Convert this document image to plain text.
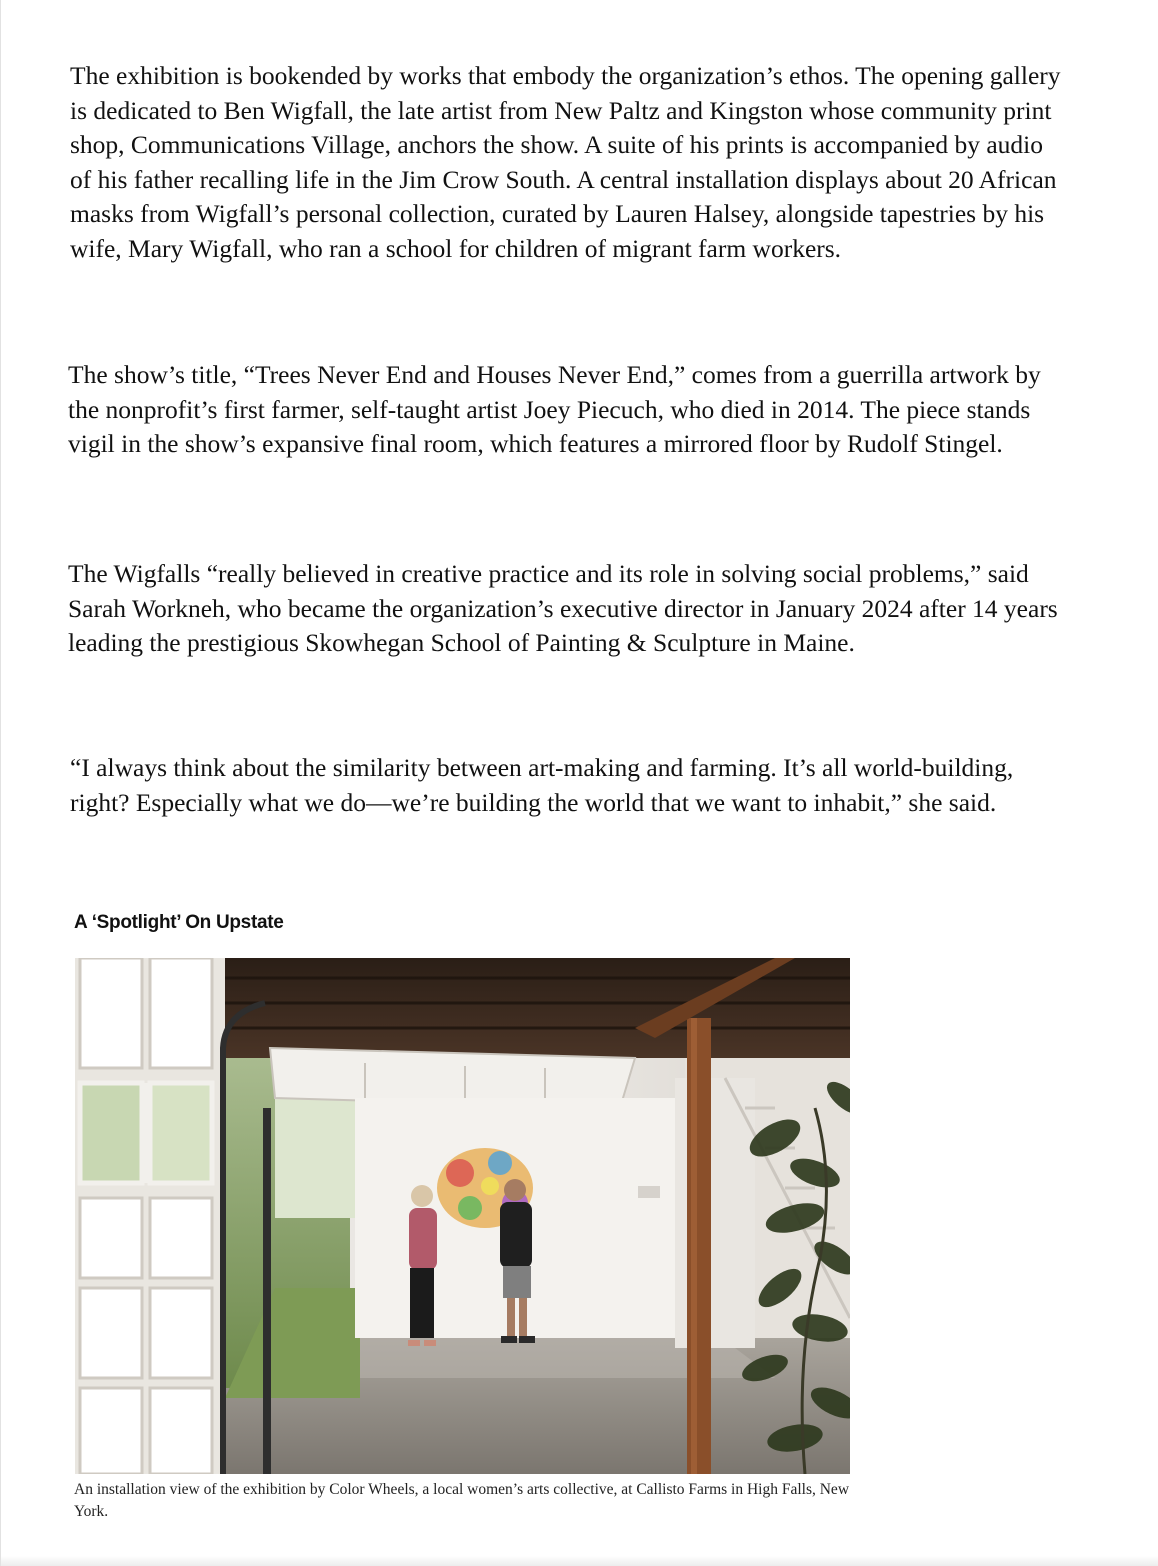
The exhibition is bookended by works that embody the organization’s ethos. The opening gallery is dedicated to Ben Wigfall, the late artist from New Paltz and Kingston whose community print shop, Communications Village, anchors the show. A suite of his prints is accompanied by audio of his father recalling life in the Jim Crow South. A central installation displays about 20 African masks from Wigfall’s personal collection, curated by Lauren Halsey, alongside tapestries by his wife, Mary Wigfall, who ran a school for children of migrant farm workers.

The show’s title, “Trees Never End and Houses Never End,” comes from a guerrilla artwork by the nonprofit’s first farmer, self-taught artist Joey Piecuch, who died in 2014. The piece stands vigil in the show’s expansive final room, which features a mirrored floor by Rudolf Stingel.

The Wigfalls “really believed in creative practice and its role in solving social problems,” said Sarah Workneh, who became the organization’s executive director in January 2024 after 14 years leading the prestigious Skowhegan School of Painting & Sculpture in Maine.

“I always think about the similarity between art-making and farming. It’s all world-building, right? Especially what we do—we’re building the world that we want to inhabit,” she said.

A ‘Spotlight’ On Upstate

An installation view of the exhibition by Color Wheels, a local women’s arts collective, at Callisto Farms in High Falls, New York.
